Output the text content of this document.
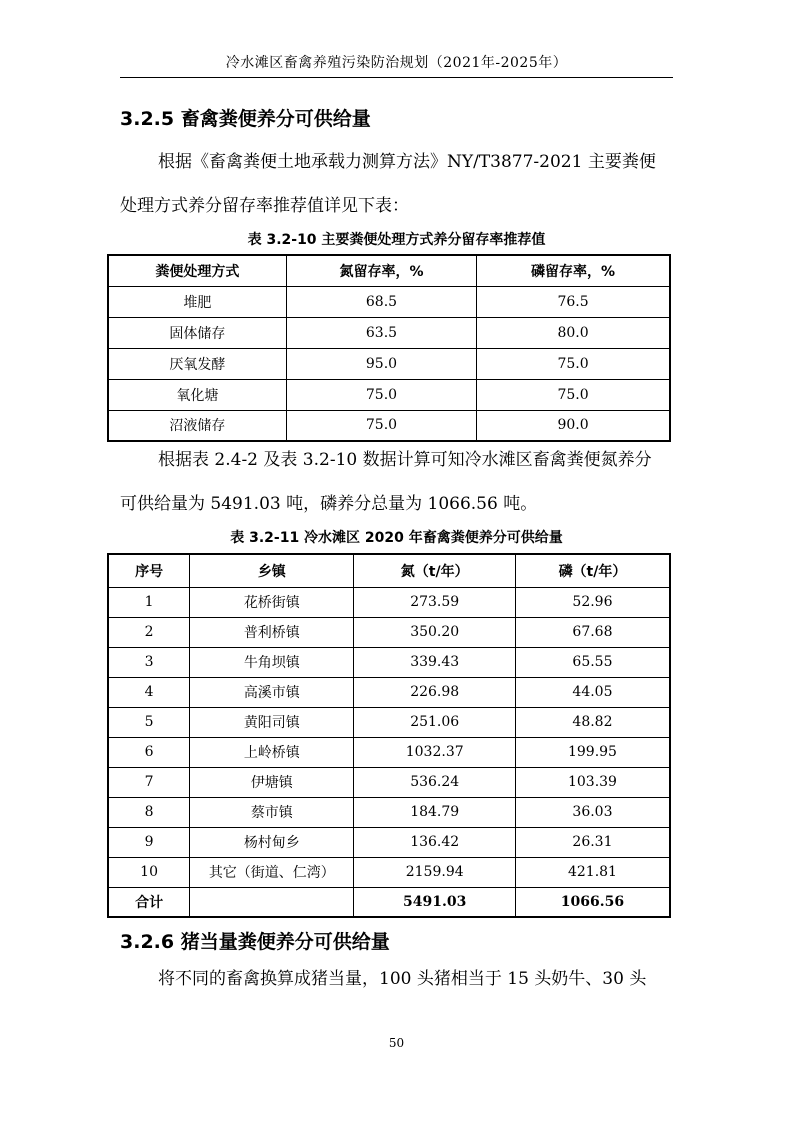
冷水滩区畜禽养殖污染防治规划（2021年-2025年）
3.2.5 畜禽粪便养分可供给量
根据《畜禽粪便土地承载力测算方法》NY/T3877-2021 主要粪便
处理方式养分留存率推荐值详见下表：
表 3.2-10 主要粪便处理方式养分留存率推荐值
粪便处理方式	氮留存率，%	磷留存率，%
堆肥	68.5	76.5
固体储存	63.5	80.0
厌氧发酵	95.0	75.0
氧化塘	75.0	75.0
沼液储存	75.0	90.0
根据表 2.4-2 及表 3.2-10 数据计算可知冷水滩区畜禽粪便氮养分
可供给量为 5491.03 吨，磷养分总量为 1066.56 吨。
表 3.2-11 冷水滩区 2020 年畜禽粪便养分可供给量
序号	乡镇	氮（t/年）	磷（t/年）
1	花桥街镇	273.59	52.96
2	普利桥镇	350.20	67.68
3	牛角坝镇	339.43	65.55
4	高溪市镇	226.98	44.05
5	黄阳司镇	251.06	48.82
6	上岭桥镇	1032.37	199.95
7	伊塘镇	536.24	103.39
8	蔡市镇	184.79	36.03
9	杨村甸乡	136.42	26.31
10	其它（街道、仁湾）	2159.94	421.81
合计		5491.03	1066.56
3.2.6 猪当量粪便养分可供给量
将不同的畜禽换算成猪当量，100 头猪相当于 15 头奶牛、30 头
50
